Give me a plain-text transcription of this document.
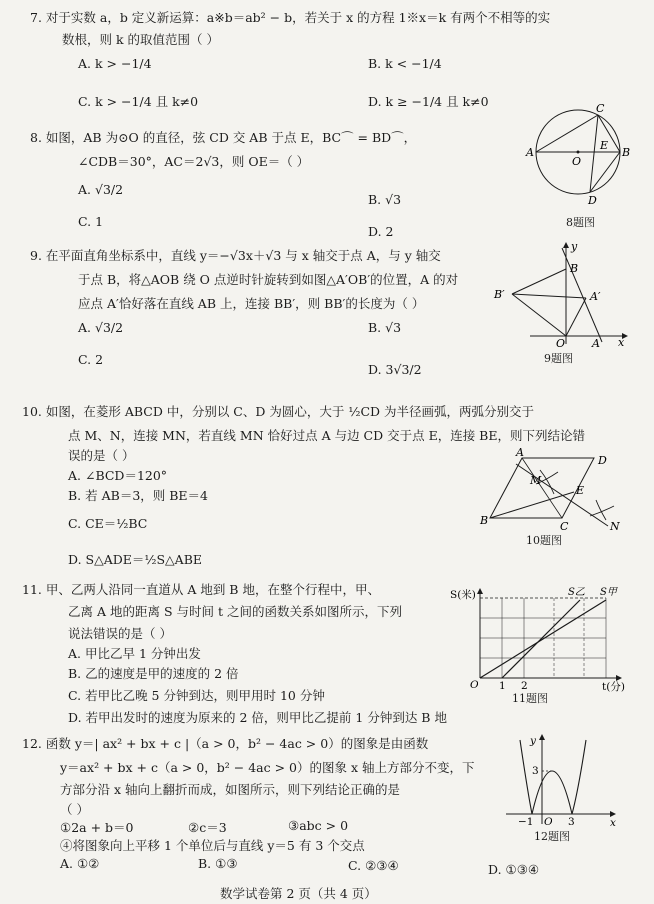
7. 对于实数 a，b 定义新运算：a※b＝ab² − b，若关于 x 的方程 1※x＝k 有两个不相等的实
数根，则 k 的取值范围（ ）
A. k > −1/4	B. k < −1/4
C. k > −1/4 且 k≠0	D. k ≥ −1/4 且 k≠0
8. 如图，AB 为⊙O 的直径，弦 CD 交 AB 于点 E，BC⌒ = BD⌒，
∠CDB＝30°，AC＝2√3，则 OE＝（ ）
A. √3/2
B. √3
C. 1
D. 2
A	B
C
D
E
O
8题图
9. 在平面直角坐标系中，直线 y＝−√3x＋√3 与 x 轴交于点 A，与 y 轴交
于点 B，将△AOB 绕 O 点逆时针旋转到如图△A′OB′的位置，A 的对
应点 A′恰好落在直线 AB 上，连接 BB′，则 BB′的长度为（ ）
A. √3/2	B. √3
C. 2
D. 3√3/2
y
x
B
B′	A′
O A
9题图
10. 如图，在菱形 ABCD 中，分别以 C、D 为圆心，大于 ½CD 为半径画弧，两弧分别交于
点 M、N，连接 MN，若直线 MN 恰好过点 A 与边 CD 交于点 E，连接 BE，则下列结论错
误的是（ ）
A. ∠BCD＝120°
B. 若 AB＝3，则 BE＝4
C. CE＝½BC
D. S△ADE＝½S△ABE
A
D
B	C
E
M
N
10题图
11. 甲、乙两人沿同一直道从 A 地到 B 地，在整个行程中，甲、
乙离 A 地的距离 S 与时间 t 之间的函数关系如图所示，下列
说法错误的是（ ）
A. 甲比乙早 1 分钟出发
B. 乙的速度是甲的速度的 2 倍
C. 若甲比乙晚 5 分钟到达，则甲用时 10 分钟
D. 若甲出发时的速度为原来的 2 倍，则甲比乙提前 1 分钟到达 B 地
S(米)	S乙 S甲
O 1 2	t(分)
11题图
12. 函数 y＝| ax² + bx + c |（a > 0，b² − 4ac > 0）的图象是由函数
y＝ax² + bx + c（a > 0，b² − 4ac > 0）的图象 x 轴上方部分不变，下
方部分沿 x 轴向上翻折而成，如图所示，则下列结论正确的是
（ ）
①2a + b＝0	②c＝3	③abc > 0
④将图象向上平移 1 个单位后与直线 y＝5 有 3 个交点
A. ①②	B. ①③	C. ②③④	D. ①③④
y
x
3
O
−1	3
12题图
数学试卷第 2 页（共 4 页）
